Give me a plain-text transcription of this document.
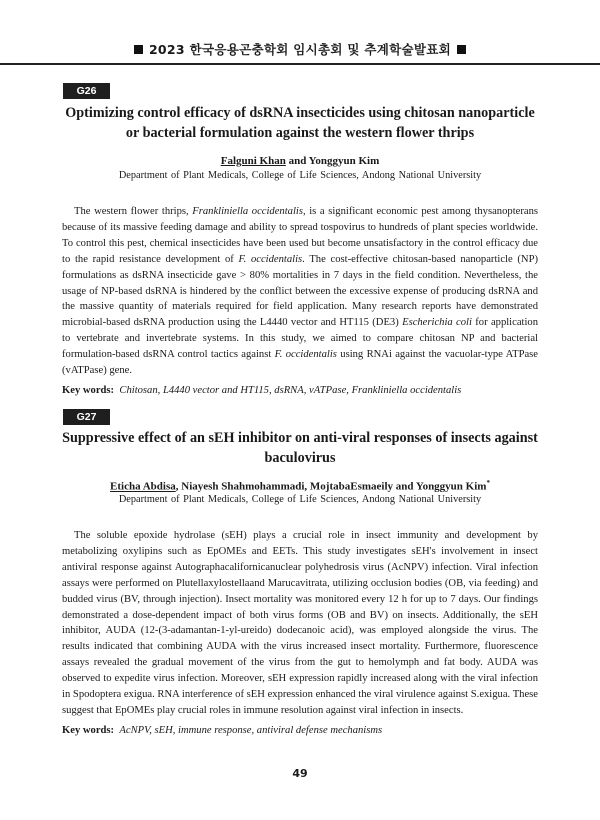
2023 한국응용곤충학회 임시총회 및 추계학술발표회
G26
Optimizing control efficacy of dsRNA insecticides using chitosan nanoparticle or bacterial formulation against the western flower thrips
Falguni Khan and Yonggyun Kim
Department of Plant Medicals, College of Life Sciences, Andong National University

The western flower thrips, Frankliniella occidentalis, is a significant economic pest among thysanopterans because of its massive feeding damage and ability to spread tospovirus to hundreds of plant species worldwide. To control this pest, chemical insecticides have been used but become unsatisfactory in the control efficacy due to the rapid resistance development of F. occidentalis. The cost-effective chitosan-based nanoparticle (NP) formulations as dsRNA insecticide gave > 80% mortalities in 7 days in the field condition. Nevertheless, the usage of NP-based dsRNA is hindered by the conflict between the excessive expense of producing dsRNA and the massive quantity of materials required for field application. Many research reports have demonstrated microbial-based dsRNA production using the L4440 vector and HT115 (DE3) Escherichia coli for application to vertebrate and invertebrate systems. In this study, we aimed to compare chitosan NP and bacterial formulation-based dsRNA control tactics against F. occidentalis using RNAi against the vacuolar-type ATPase (vATPase) gene.

Key words: Chitosan, L4440 vector and HT115, dsRNA, vATPase, Frankliniella occidentalis
G27
Suppressive effect of an sEH inhibitor on anti-viral responses of insects against baculovirus
Eticha Abdisa, Niayesh Shahmohammadi, MojtabaEsmaeily and Yonggyun Kim*
Department of Plant Medicals, College of Life Sciences, Andong National University

The soluble epoxide hydrolase (sEH) plays a crucial role in insect immunity and development by metabolizing oxylipins such as EpOMEs and EETs. This study investigates sEH's involvement in insect antiviral response against Autographacalifornicanuclear polyhedrosis virus (AcNPV) infection. Viral infection assays were performed on Plutellaxylostellaand Marucavitrata, utilizing occlusion bodies (OB, via feeding) and budded virus (BV, through injection). Insect mortality was monitored every 12 h for up to 7 days. Our findings demonstrated a dose-dependent impact of both virus forms (OB and BV) on insects. Additionally, the sEH inhibitor, AUDA (12-(3-adamantan-1-yl-ureido) dodecanoic acid), was employed alongside the virus. The results indicated that combining AUDA with the virus increased insect mortality. Furthermore, fluorescence assays revealed the gradual movement of the virus from the gut to hemolymph and fat body. AUDA was observed to expedite virus infection. Moreover, sEH expression rapidly increased along with the viral infection in Spodoptera exigua. RNA interference of sEH expression enhanced the viral virulence against S.exigua. These suggest that EpOMEs play crucial roles in immune resolution against viral infection in insects.

Key words: AcNPV, sEH, immune response, antiviral defense mechanisms
49
